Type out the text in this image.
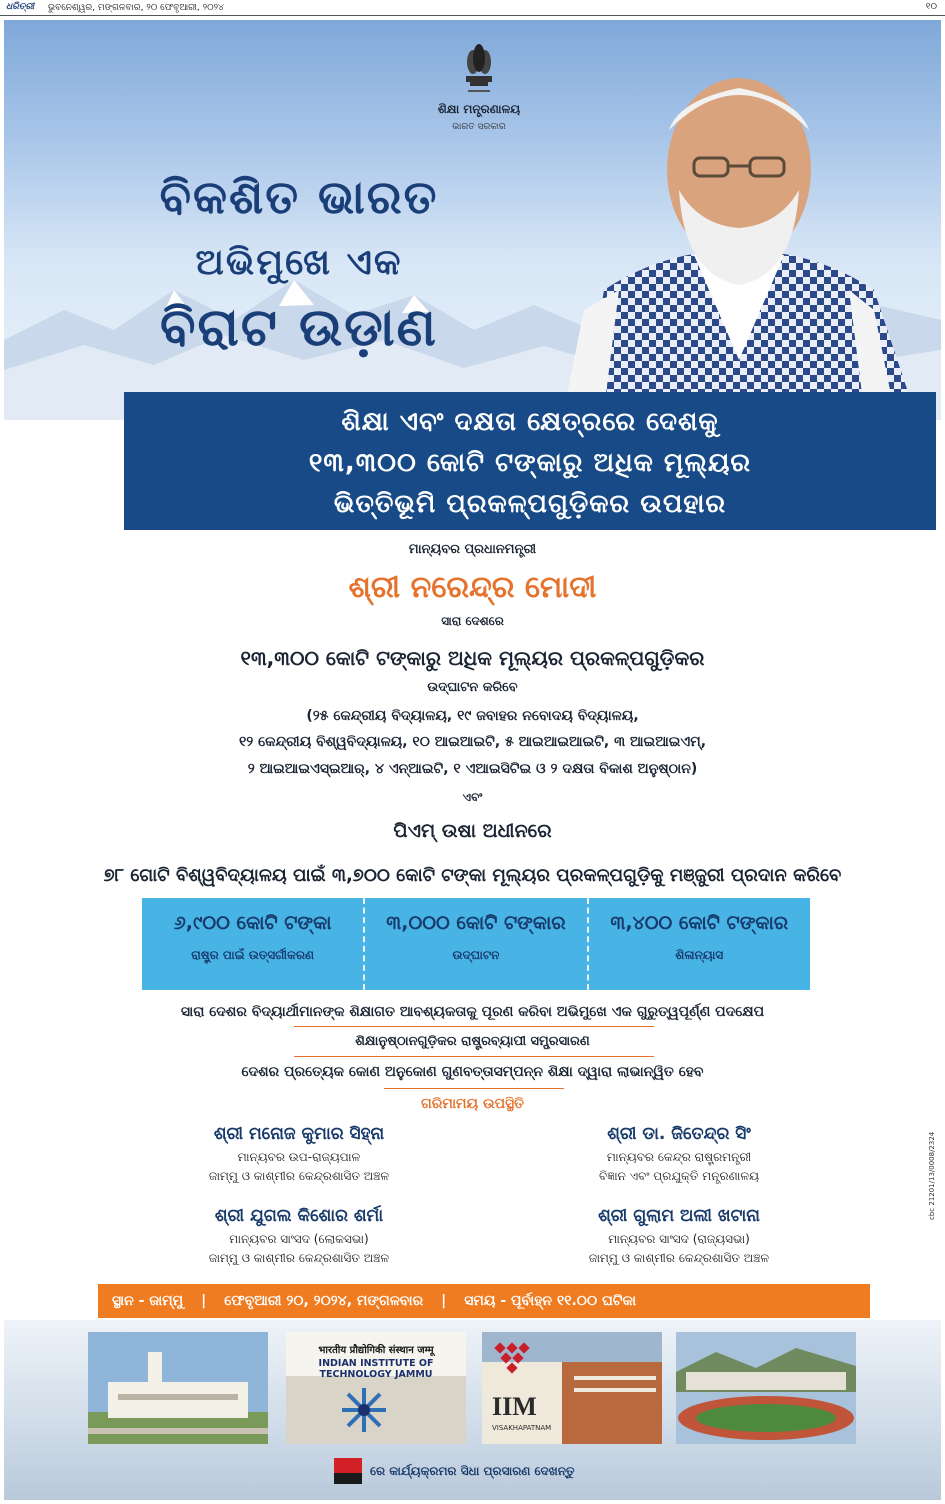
ଧରିତ୍ରୀ ଭୁବନେଶ୍ୱର, ମଙ୍ଗଳବାର, ୨୦ ଫେବୃଆରୀ, ୨୦୨୪	୧୦
ଶିକ୍ଷା ମନ୍ତ୍ରଣାଳୟ
ଭାରତ ସରକାର
ବିକଶିତ ଭାରତ
ଅଭିମୁଖେ ଏକ
ବିରାଟ ଉଡ଼ାଣ
ଶିକ୍ଷା ଏବଂ ଦକ୍ଷତା କ୍ଷେତ୍ରରେ ଦେଶକୁ
୧୩,୩୦୦ କୋଟି ଟଙ୍କାରୁ ଅଧିକ ମୂଲ୍ୟର
ଭିତ୍ତିଭୂମି ପ୍ରକଳ୍ପଗୁଡ଼ିକର ଉପହାର
ମାନ୍ୟବର ପ୍ରଧାନମନ୍ତ୍ରୀ
ଶ୍ରୀ ନରେନ୍ଦ୍ର ମୋଦୀ
ସାରା ଦେଶରେ
୧୩,୩୦୦ କୋଟି ଟଙ୍କାରୁ ଅଧିକ ମୂଲ୍ୟର ପ୍ରକଳ୍ପଗୁଡ଼ିକର
ଉଦ୍‌ଘାଟନ କରିବେ
(୨୫ କେନ୍ଦ୍ରୀୟ ବିଦ୍ୟାଳୟ, ୧୯ ଜବାହର ନବୋଦୟ ବିଦ୍ୟାଳୟ,
୧୨ କେନ୍ଦ୍ରୀୟ ବିଶ୍ୱବିଦ୍ୟାଳୟ, ୧୦ ଆଇଆଇଟି, ୫ ଆଇଆଇଆଇଟି, ୩ ଆଇଆଇଏମ୍,
୨ ଆଇଆଇଏସ୍ଇଆର୍, ୪ ଏନ୍ଆଇଟି, ୧ ଏଆଇସିଟିଇ ଓ ୨ ଦକ୍ଷତା ବିକାଶ ଅନୁଷ୍ଠାନ)
ଏବଂ
ପିଏମ୍ ଉଷା ଅଧୀନରେ
୭୮ ଗୋଟି ବିଶ୍ୱବିଦ୍ୟାଳୟ ପାଇଁ ୩,୭୦୦ କୋଟି ଟଙ୍କା ମୂଲ୍ୟର ପ୍ରକଳ୍ପଗୁଡ଼ିକୁ ମଞ୍ଜୁରୀ ପ୍ରଦାନ କରିବେ
୬,୯୦୦ କୋଟି ଟଙ୍କା
ରାଷ୍ଟ୍ର ପାଇଁ ଉତ୍ସର୍ଗୀକରଣ
୩,୦୦୦ କୋଟି ଟଙ୍କାର
ଉଦ୍‌ଘାଟନ
୩,୪୦୦ କୋଟି ଟଙ୍କାର
ଶିଳାନ୍ୟାସ
ସାରା ଦେଶର ବିଦ୍ୟାର୍ଥୀମାନଙ୍କ ଶିକ୍ଷାଗତ ଆବଶ୍ୟକତାକୁ ପୂରଣ କରିବା ଅଭିମୁଖେ ଏକ ଗୁରୁତ୍ୱପୂର୍ଣ୍ଣ ପଦକ୍ଷେପ
ଶିକ୍ଷାନୁଷ୍ଠାନଗୁଡ଼ିକର ରାଷ୍ଟ୍ରବ୍ୟାପୀ ସମ୍ପ୍ରସାରଣ
ଦେଶର ପ୍ରତ୍ୟେକ କୋଣ ଅନୁକୋଣ ଗୁଣବତ୍ତାସମ୍ପନ୍ନ ଶିକ୍ଷା ଦ୍ୱାରା ଲାଭାନ୍ୱିତ ହେବ
ଗରିମାମୟ ଉପସ୍ଥିତି
ଶ୍ରୀ ମନୋଜ କୁମାର ସିହ୍ନା
ମାନ୍ୟବର ଉପ-ରାଜ୍ୟପାଳ
ଜାମ୍ମୁ ଓ କାଶ୍ମୀର କେନ୍ଦ୍ରଶାସିତ ଅଞ୍ଚଳ
ଶ୍ରୀ ଡା. ଜିତେନ୍ଦ୍ର ସିଂ
ମାନ୍ୟବର କେନ୍ଦ୍ର ରାଷ୍ଟ୍ରମନ୍ତ୍ରୀ
ବିଜ୍ଞାନ ଏବଂ ପ୍ରଯୁକ୍ତି ମନ୍ତ୍ରଣାଳୟ
ଶ୍ରୀ ଯୁଗଲ କିଶୋର ଶର୍ମା
ମାନ୍ୟବର ସାଂସଦ (ଲୋକସଭା)
ଜାମ୍ମୁ ଓ କାଶ୍ମୀର କେନ୍ଦ୍ରଶାସିତ ଅଞ୍ଚଳ
ଶ୍ରୀ ଗୁଲାମ ଅଲୀ ଖଟାନା
ମାନ୍ୟବର ସାଂସଦ (ରାଜ୍ୟସଭା)
ଜାମ୍ମୁ ଓ କାଶ୍ମୀର କେନ୍ଦ୍ରଶାସିତ ଅଞ୍ଚଳ
ସ୍ଥାନ - ଜାମ୍ମୁ	|	ଫେବୃଆରୀ ୨୦, ୨୦୨୪, ମଙ୍ଗଳବାର	|	ସମୟ - ପୂର୍ବାହ୍ନ ୧୧.୦୦ ଘଟିକା
भारतीय प्रौद्योगिकी संस्थान जम्मू
INDIAN INSTITUTE OF TECHNOLOGY JAMMU
IIM
VISAKHAPATNAM
ରେ କାର୍ଯ୍ୟକ୍ରମର ସିଧା ପ୍ରସାରଣ ଦେଖନ୍ତୁ
cbc 21201/13/0008/2324
